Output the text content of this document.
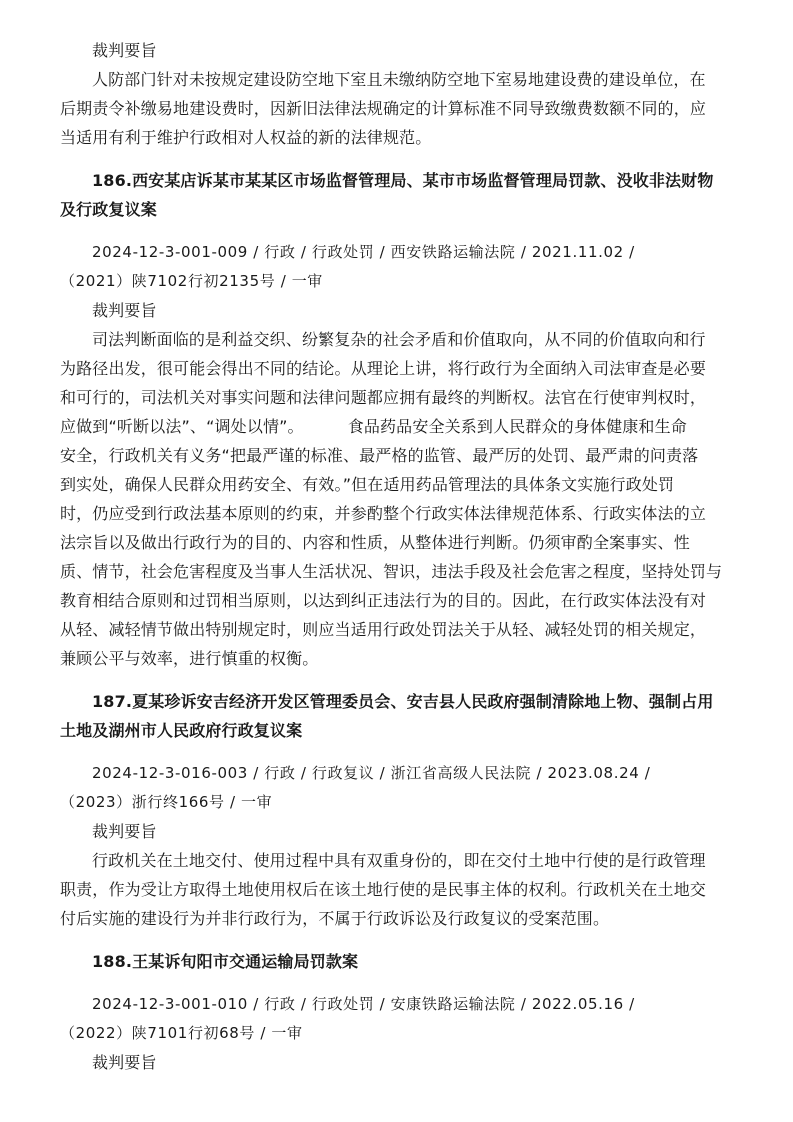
裁判要旨
人防部门针对未按规定建设防空地下室且未缴纳防空地下室易地建设费的建设单位，在
后期责令补缴易地建设费时，因新旧法律法规确定的计算标准不同导致缴费数额不同的，应
当适用有利于维护行政相对人权益的新的法律规范。
186.西安某店诉某市某某区市场监督管理局、某市市场监督管理局罚款、没收非法财物
及行政复议案
2024-12-3-001-009 / 行政 / 行政处罚 / 西安铁路运输法院 / 2021.11.02 /
（2021）陕7102行初2135号 / 一审
裁判要旨
司法判断面临的是利益交织、纷繁复杂的社会矛盾和价值取向，从不同的价值取向和行
为路径出发，很可能会得出不同的结论。从理论上讲，将行政行为全面纳入司法审查是必要
和可行的，司法机关对事实问题和法律问题都应拥有最终的判断权。法官在行使审判权时，
应做到“听断以法”、“调处以情”。	食品药品安全关系到人民群众的身体健康和生命
安全，行政机关有义务“把最严谨的标准、最严格的监管、最严厉的处罚、最严肃的问责落
到实处，确保人民群众用药安全、有效。”但在适用药品管理法的具体条文实施行政处罚
时，仍应受到行政法基本原则的约束，并参酌整个行政实体法律规范体系、行政实体法的立
法宗旨以及做出行政行为的目的、内容和性质，从整体进行判断。仍须审酌全案事实、性
质、情节，社会危害程度及当事人生活状况、智识，违法手段及社会危害之程度，坚持处罚与
教育相结合原则和过罚相当原则，以达到纠正违法行为的目的。因此，在行政实体法没有对
从轻、减轻情节做出特别规定时，则应当适用行政处罚法关于从轻、减轻处罚的相关规定，
兼顾公平与效率，进行慎重的权衡。
187.夏某珍诉安吉经济开发区管理委员会、安吉县人民政府强制清除地上物、强制占用
土地及湖州市人民政府行政复议案
2024-12-3-016-003 / 行政 / 行政复议 / 浙江省高级人民法院 / 2023.08.24 /
（2023）浙行终166号 / 一审
裁判要旨
行政机关在土地交付、使用过程中具有双重身份的，即在交付土地中行使的是行政管理
职责，作为受让方取得土地使用权后在该土地行使的是民事主体的权利。行政机关在土地交
付后实施的建设行为并非行政行为，不属于行政诉讼及行政复议的受案范围。
188.王某诉旬阳市交通运输局罚款案
2024-12-3-001-010 / 行政 / 行政处罚 / 安康铁路运输法院 / 2022.05.16 /
（2022）陕7101行初68号 / 一审
裁判要旨
